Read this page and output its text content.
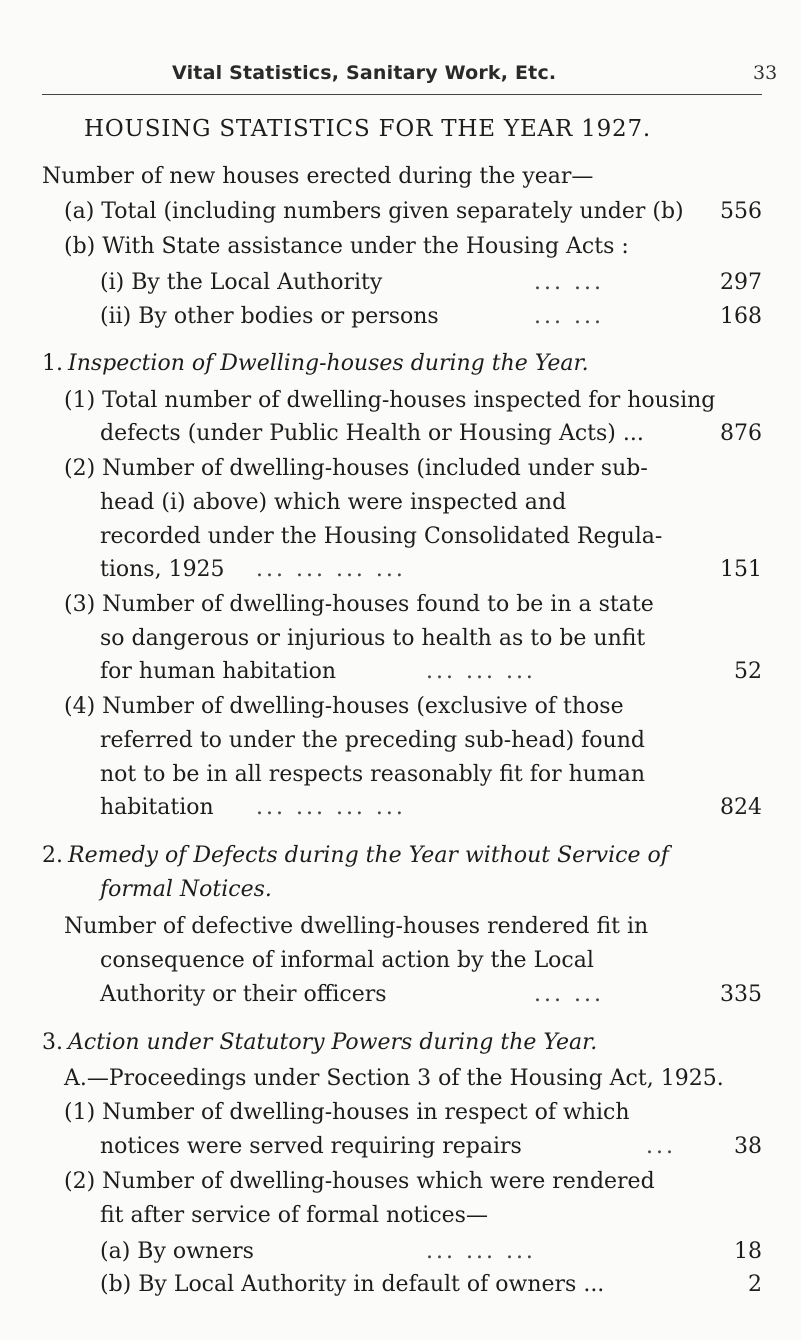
Vital Statistics, Sanitary Work, Etc.	33
HOUSING STATISTICS FOR THE YEAR 1927.
Number of new houses erected during the year—
(a) Total (including numbers given separately under (b)	556
(b) With State assistance under the Housing Acts :
(i) By the Local Authority	... ...	297
(ii) By other bodies or persons	... ...	168
1. Inspection of Dwelling-houses during the Year.
(1) Total number of dwelling-houses inspected for housing
defects (under Public Health or Housing Acts) ...	876
(2) Number of dwelling-houses (included under sub-
head (i) above) which were inspected and
recorded under the Housing Consolidated Regula-
tions, 1925 ... ... ... ...	151
(3) Number of dwelling-houses found to be in a state
so dangerous or injurious to health as to be unfit
for human habitation	... ... ...	52
(4) Number of dwelling-houses (exclusive of those
referred to under the preceding sub-head) found
not to be in all respects reasonably fit for human
habitation ... ... ... ...	824
2. Remedy of Defects during the Year without Service of
formal Notices.
Number of defective dwelling-houses rendered fit in
consequence of informal action by the Local
Authority or their officers	... ...	335
3. Action under Statutory Powers during the Year.
A.—Proceedings under Section 3 of the Housing Act, 1925.
(1) Number of dwelling-houses in respect of which
notices were served requiring repairs	...	38
(2) Number of dwelling-houses which were rendered
fit after service of formal notices—
(a) By owners	... ... ...	18
(b) By Local Authority in default of owners ...	2
